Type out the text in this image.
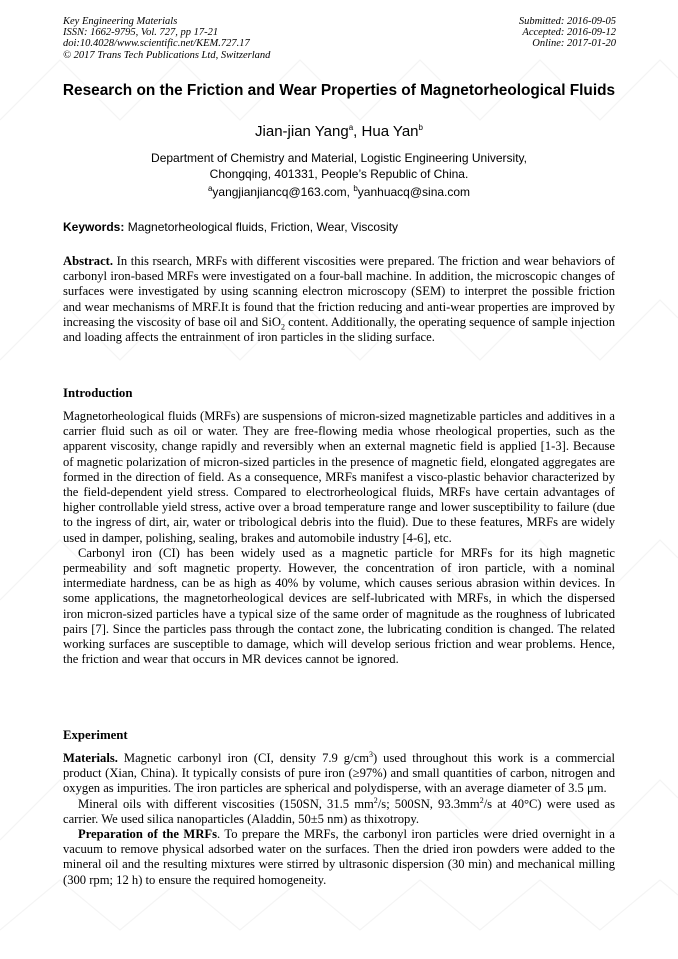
Key Engineering Materials
ISSN: 1662-9795, Vol. 727, pp 17-21
doi:10.4028/www.scientific.net/KEM.727.17
© 2017 Trans Tech Publications Ltd, Switzerland
Submitted: 2016-09-05
Accepted: 2016-09-12
Online: 2017-01-20
Research on the Friction and Wear Properties of Magnetorheological Fluids
Jian-jian Yang$^a$, Hua Yan$^b$
Department of Chemistry and Material, Logistic Engineering University,
Chongqing, 401331, People’s Republic of China.
$^a$yangjianjiancq@163.com, $^b$yanhuacq@sina.com
Keywords: Magnetorheological fluids, Friction, Wear, Viscosity

Abstract. In this rsearch, MRFs with different viscosities were prepared. The friction and wear behaviors of carbonyl iron-based MRFs were investigated on a four-ball machine. In addition, the microscopic changes of surfaces were investigated by using scanning electron microscopy (SEM) to interpret the possible friction and wear mechanisms of MRF.It is found that the friction reducing and anti-wear properties are improved by increasing the viscosity of base oil and SiO$_2$ content. Additionally, the operating sequence of sample injection and loading affects the entrainment of iron particles in the sliding surface.

Introduction

Magnetorheological fluids (MRFs) are suspensions of micron-sized magnetizable particles and additives in a carrier fluid such as oil or water. They are free-flowing media whose rheological properties, such as the apparent viscosity, change rapidly and reversibly when an external magnetic field is applied [1-3]. Because of magnetic polarization of micron-sized particles in the presence of magnetic field, elongated aggregates are formed in the direction of field. As a consequence, MRFs manifest a visco-plastic behavior characterized by the field-dependent yield stress. Compared to electrorheological fluids, MRFs have certain advantages of higher controllable yield stress, active over a broad temperature range and lower susceptibility to failure (due to the ingress of dirt, air, water or tribological debris into the fluid). Due to these features, MRFs are widely used in damper, polishing, sealing, brakes and automobile industry [4-6], etc.

Carbonyl iron (CI) has been widely used as a magnetic particle for MRFs for its high magnetic permeability and soft magnetic property. However, the concentration of iron particle, with a nominal intermediate hardness, can be as high as 40% by volume, which causes serious abrasion within devices. In some applications, the magnetorheological devices are self-lubricated with MRFs, in which the dispersed iron micron-sized particles have a typical size of the same order of magnitude as the roughness of lubricated pairs [7]. Since the particles pass through the contact zone, the lubricating condition is changed. The related working surfaces are susceptible to damage, which will develop serious friction and wear problems. Hence, the friction and wear that occurs in MR devices cannot be ignored.

Experiment

Materials. Magnetic carbonyl iron (CI, density 7.9 $g/cm^3$) used throughout this work is a commercial product (Xian, China). It typically consists of pure iron (≥97%) and small quantities of carbon, nitrogen and oxygen as impurities. The iron particles are spherical and polydisperse, with an average diameter of 3.5 μm.

Mineral oils with different viscosities (150SN, 31.5 $mm^2/s$; 500SN, $93.3mm^2/s$ at 40°C) were used as carrier. We used silica nanoparticles (Aladdin, 50±5 nm) as thixotropy.

Preparation of the MRFs. To prepare the MRFs, the carbonyl iron particles were dried overnight in a vacuum to remove physical adsorbed water on the surfaces. Then the dried iron powders were added to the mineral oil and the resulting mixtures were stirred by ultrasonic dispersion (30 min) and mechanical milling (300 rpm; 12 h) to ensure the required homogeneity.
